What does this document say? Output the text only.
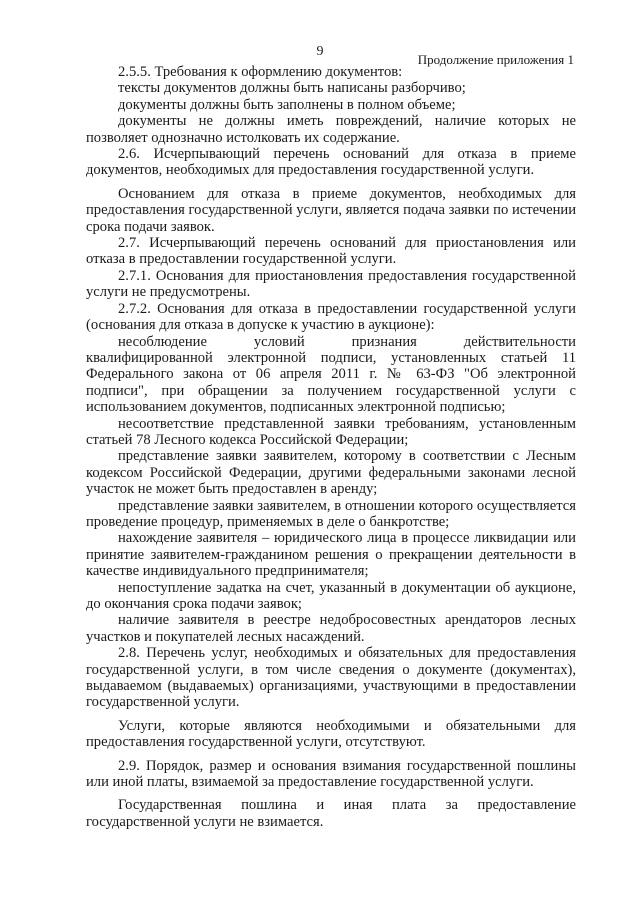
9
Продолжение приложения 1
2.5.5. Требования к оформлению документов:
тексты документов должны быть написаны разборчиво;
документы должны быть заполнены в полном объеме;
документы не должны иметь повреждений, наличие которых не позволяет однозначно истолковать их содержание.
2.6. Исчерпывающий перечень оснований для отказа в приеме документов, необходимых для предоставления государственной услуги.
Основанием для отказа в приеме документов, необходимых для предоставления государственной услуги, является подача заявки по истечении срока подачи заявок.
2.7. Исчерпывающий перечень оснований для приостановления или отказа в предоставлении государственной услуги.
2.7.1. Основания для приостановления предоставления государственной услуги не предусмотрены.
2.7.2. Основания для отказа в предоставлении государственной услуги (основания для отказа в допуске к участию в аукционе):
несоблюдение условий признания действительности квалифицированной электронной подписи, установленных статьей 11 Федерального закона от 06 апреля 2011 г. № 63-ФЗ "Об электронной подписи", при обращении за получением государственной услуги с использованием документов, подписанных электронной подписью;
несоответствие представленной заявки требованиям, установленным статьей 78 Лесного кодекса Российской Федерации;
представление заявки заявителем, которому в соответствии с Лесным кодексом Российской Федерации, другими федеральными законами лесной участок не может быть предоставлен в аренду;
представление заявки заявителем, в отношении которого осуществляется проведение процедур, применяемых в деле о банкротстве;
нахождение заявителя – юридического лица в процессе ликвидации или принятие заявителем-гражданином решения о прекращении деятельности в качестве индивидуального предпринимателя;
непоступление задатка на счет, указанный в документации об аукционе, до окончания срока подачи заявок;
наличие заявителя в реестре недобросовестных арендаторов лесных участков и покупателей лесных насаждений.
2.8. Перечень услуг, необходимых и обязательных для предоставления государственной услуги, в том числе сведения о документе (документах), выдаваемом (выдаваемых) организациями, участвующими в предоставлении государственной услуги.
Услуги, которые являются необходимыми и обязательными для предоставления государственной услуги, отсутствуют.
2.9. Порядок, размер и основания взимания государственной пошлины или иной платы, взимаемой за предоставление государственной услуги.
Государственная пошлина и иная плата за предоставление государственной услуги не взимается.
